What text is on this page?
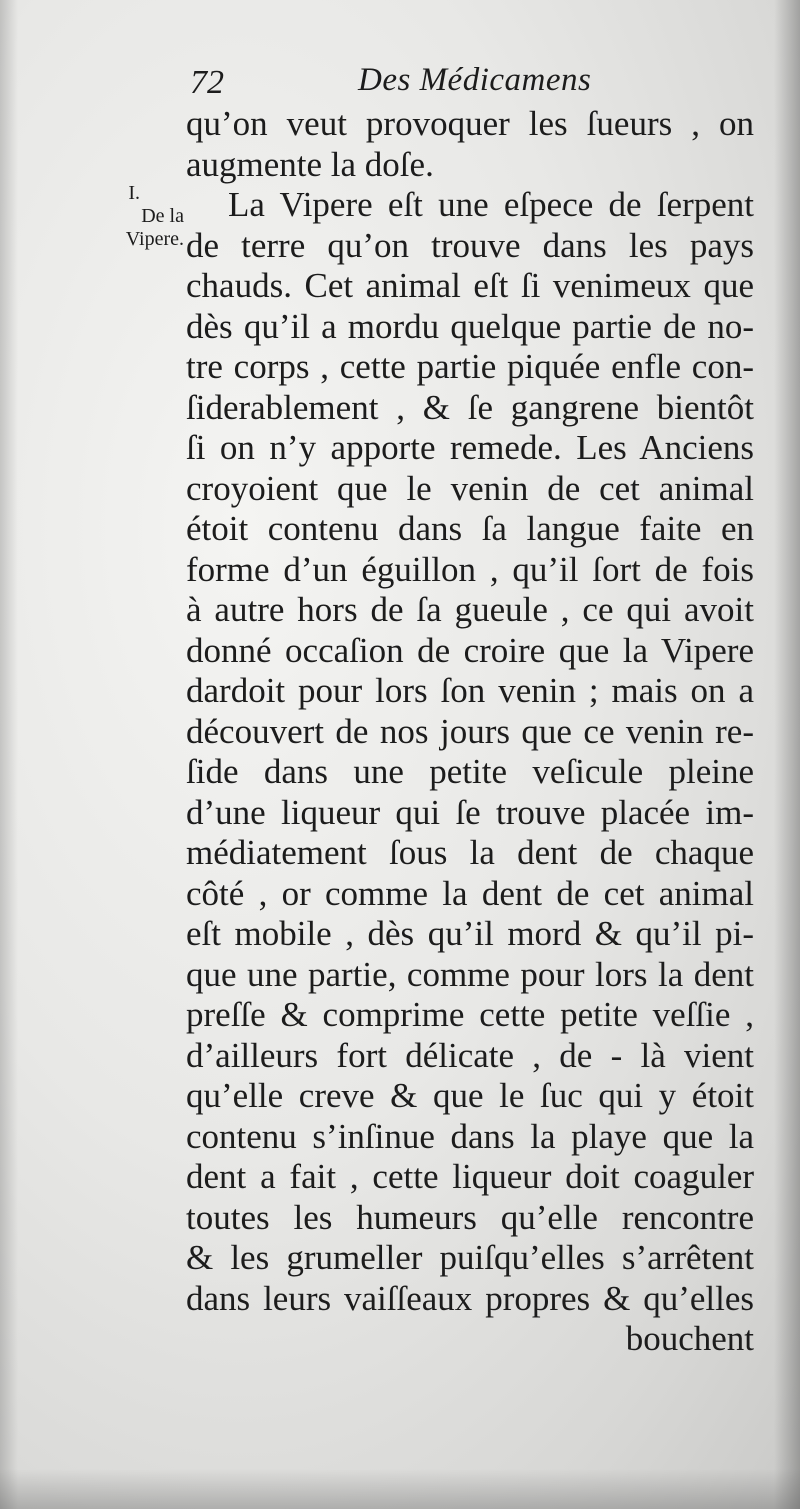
72	Des Médicamens
I.
De la
Vipere.
qu’on veut provoquer les ſueurs , on
augmente la doſe.
La Vipere eſt une eſpece de ſerpent
de terre qu’on trouve dans les pays
chauds. Cet animal eſt ſi venimeux que
dès qu’il a mordu quelque partie de no-
tre corps , cette partie piquée enfle con-
ſiderablement , & ſe gangrene bientôt
ſi on n’y apporte remede. Les Anciens
croyoient que le venin de cet animal
étoit contenu dans ſa langue faite en
forme d’un éguillon , qu’il ſort de fois
à autre hors de ſa gueule , ce qui avoit
donné occaſion de croire que la Vipere
dardoit pour lors ſon venin ; mais on a
découvert de nos jours que ce venin re-
ſide dans une petite veſicule pleine
d’une liqueur qui ſe trouve placée im-
médiatement ſous la dent de chaque
côté , or comme la dent de cet animal
eſt mobile , dès qu’il mord & qu’il pi-
que une partie, comme pour lors la dent
preſſe & comprime cette petite veſſie ,
d’ailleurs fort délicate , de - là vient
qu’elle creve & que le ſuc qui y étoit
contenu s’inſinue dans la playe que la
dent a fait , cette liqueur doit coaguler
toutes les humeurs qu’elle rencontre
& les grumeller puiſqu’elles s’arrêtent
dans leurs vaiſſeaux propres & qu’elles
bouchent
